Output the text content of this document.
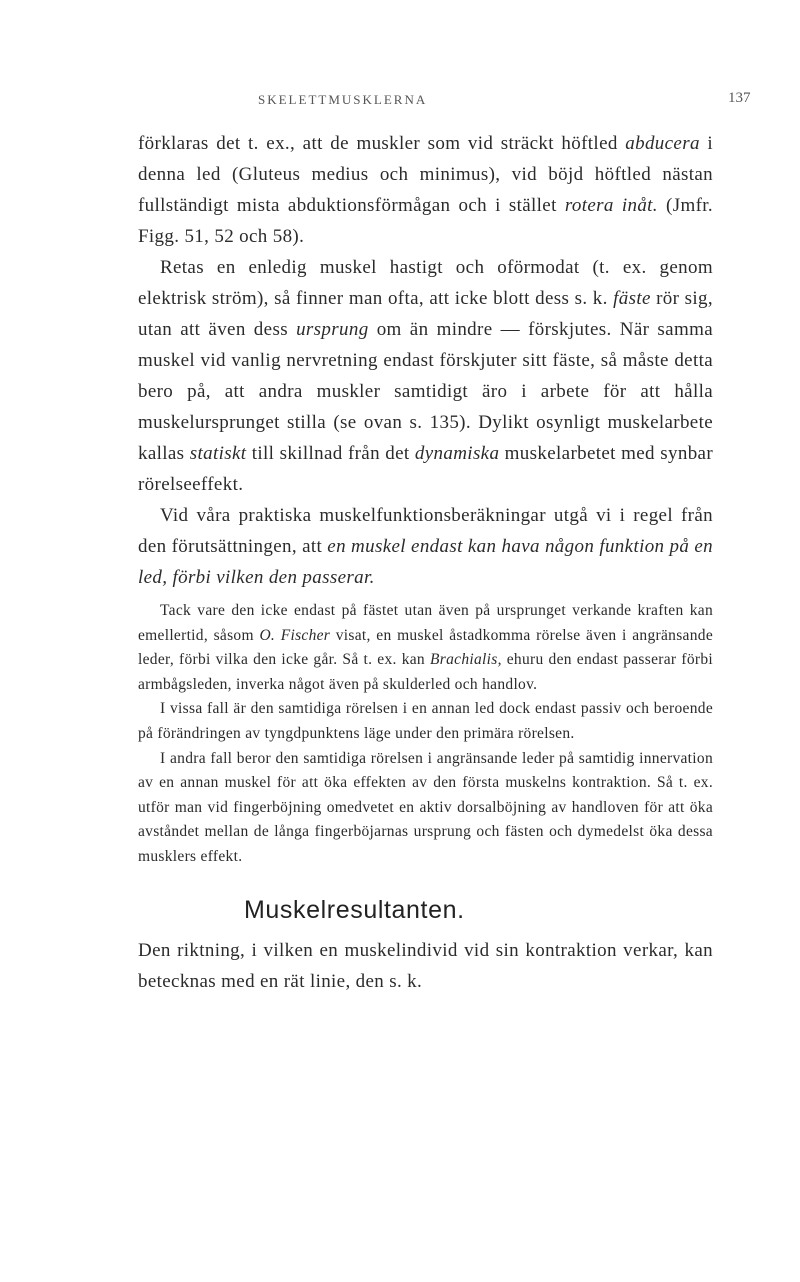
SKELETTMUSKLERNA	137

förklaras det t. ex., att de muskler som vid sträckt höftled abducera i denna led (Gluteus medius och minimus), vid böjd höftled nästan fullständigt mista abduktionsförmågan och i stället rotera inåt. (Jmfr. Figg. 51, 52 och 58).

Retas en enledig muskel hastigt och oförmodat (t. ex. genom elektrisk ström), så finner man ofta, att icke blott dess s. k. fäste rör sig, utan att även dess ursprung om än mindre — förskjutes. När samma muskel vid vanlig nervretning endast förskjuter sitt fäste, så måste detta bero på, att andra muskler samtidigt äro i arbete för att hålla muskelursprunget stilla (se ovan s. 135). Dylikt osynligt muskelarbete kallas statiskt till skillnad från det dynamiska muskelarbetet med synbar rörelseeffekt.

Vid våra praktiska muskelfunktionsberäkningar utgå vi i regel från den förutsättningen, att en muskel endast kan hava någon funktion på en led, förbi vilken den passerar.

Tack vare den icke endast på fästet utan även på ursprunget verkande kraften kan emellertid, såsom O. Fischer visat, en muskel åstadkomma rörelse även i angränsande leder, förbi vilka den icke går. Så t. ex. kan Brachialis, ehuru den endast passerar förbi armbågsleden, inverka något även på skulderled och handlov.

I vissa fall är den samtidiga rörelsen i en annan led dock endast passiv och beroende på förändringen av tyngdpunktens läge under den primära rörelsen.

I andra fall beror den samtidiga rörelsen i angränsande leder på samtidig innervation av en annan muskel för att öka effekten av den första muskelns kontraktion. Så t. ex. utför man vid fingerböjning omedvetet en aktiv dorsalböjning av handloven för att öka avståndet mellan de långa fingerböjarnas ursprung och fästen och dymedelst öka dessa musklers effekt.

Muskelresultanten.

Den riktning, i vilken en muskelindivid vid sin kontraktion verkar, kan betecknas med en rät linie, den s. k.
